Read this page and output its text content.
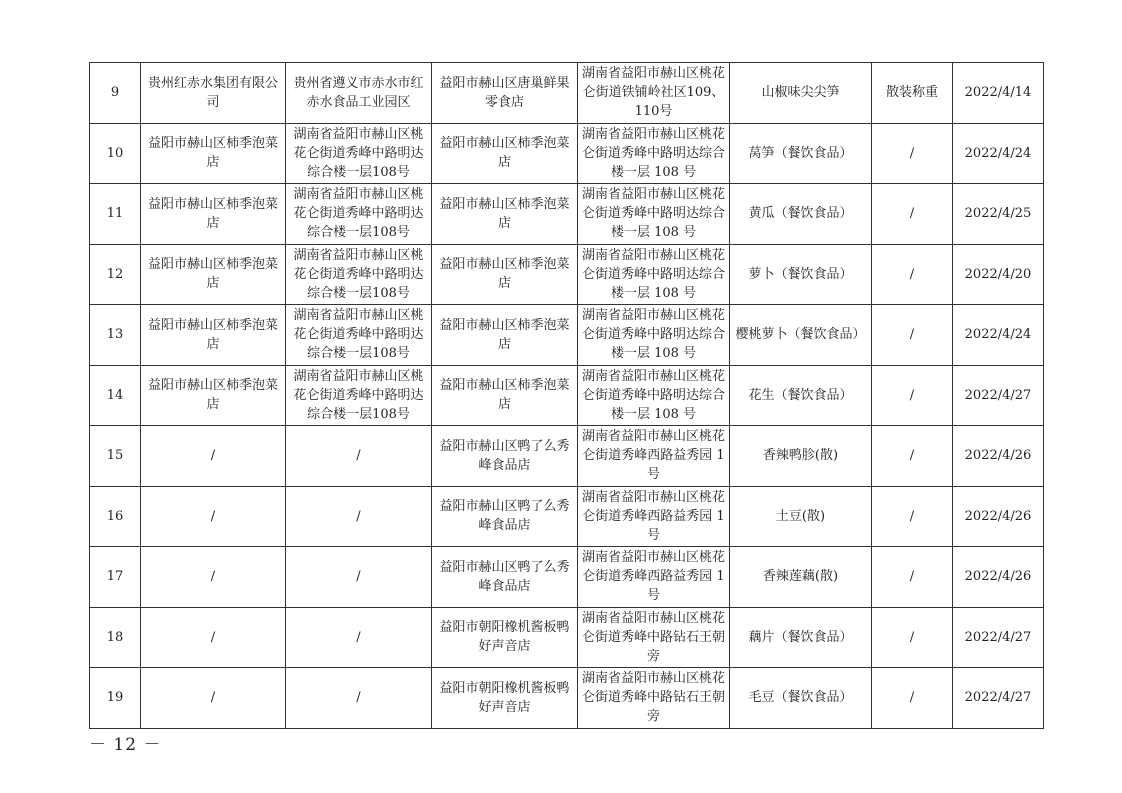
9	贵州红赤水集团有限公司	贵州省遵义市赤水市红赤水食品工业园区	益阳市赫山区唐巢鲜果零食店	湖南省益阳市赫山区桃花仑街道铁铺岭社区109、110号	山椒味尖尖笋	散装称重	2022/4/14
10	益阳市赫山区柿季泡菜店	湖南省益阳市赫山区桃花仑街道秀峰中路明达综合楼一层108号	益阳市赫山区柿季泡菜店	湖南省益阳市赫山区桃花仑街道秀峰中路明达综合楼一层 108 号	莴笋（餐饮食品）	/	2022/4/24
11	益阳市赫山区柿季泡菜店	湖南省益阳市赫山区桃花仑街道秀峰中路明达综合楼一层108号	益阳市赫山区柿季泡菜店	湖南省益阳市赫山区桃花仑街道秀峰中路明达综合楼一层 108 号	黄瓜（餐饮食品）	/	2022/4/25
12	益阳市赫山区柿季泡菜店	湖南省益阳市赫山区桃花仑街道秀峰中路明达综合楼一层108号	益阳市赫山区柿季泡菜店	湖南省益阳市赫山区桃花仑街道秀峰中路明达综合楼一层 108 号	萝卜（餐饮食品）	/	2022/4/20
13	益阳市赫山区柿季泡菜店	湖南省益阳市赫山区桃花仑街道秀峰中路明达综合楼一层108号	益阳市赫山区柿季泡菜店	湖南省益阳市赫山区桃花仑街道秀峰中路明达综合楼一层 108 号	樱桃萝卜（餐饮食品）	/	2022/4/24
14	益阳市赫山区柿季泡菜店	湖南省益阳市赫山区桃花仑街道秀峰中路明达综合楼一层108号	益阳市赫山区柿季泡菜店	湖南省益阳市赫山区桃花仑街道秀峰中路明达综合楼一层 108 号	花生（餐饮食品）	/	2022/4/27
15	/	/	益阳市赫山区鸭了么秀峰食品店	湖南省益阳市赫山区桃花仑街道秀峰西路益秀园 1 号	香辣鸭胗(散)	/	2022/4/26
16	/	/	益阳市赫山区鸭了么秀峰食品店	湖南省益阳市赫山区桃花仑街道秀峰西路益秀园 1 号	土豆(散)	/	2022/4/26
17	/	/	益阳市赫山区鸭了么秀峰食品店	湖南省益阳市赫山区桃花仑街道秀峰西路益秀园 1 号	香辣莲藕(散)	/	2022/4/26
18	/	/	益阳市朝阳橡机酱板鸭好声音店	湖南省益阳市赫山区桃花仑街道秀峰中路钻石王朝旁	藕片（餐饮食品）	/	2022/4/27
19	/	/	益阳市朝阳橡机酱板鸭好声音店	湖南省益阳市赫山区桃花仑街道秀峰中路钻石王朝旁	毛豆（餐饮食品）	/	2022/4/27
－ 12 －
